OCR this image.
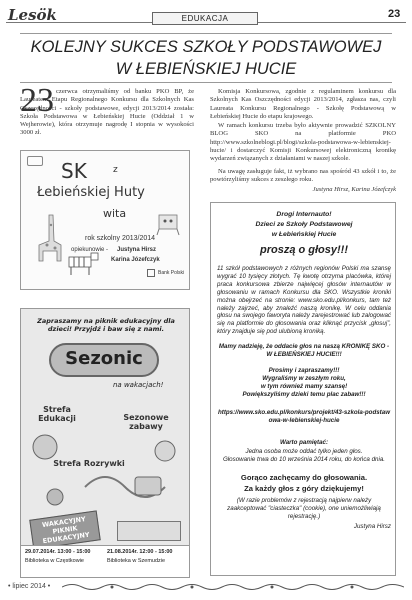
Lesök	EDUKACJA	23
KOLEJNY SUKCES SZKOŁY PODSTAWOWEJ
W ŁEBIEŃSKIEJ HUCIE
23 czerwca otrzymaliśmy od banku PKO BP, że Laureatem Etapu Regionalnego Konkursu dla Szkolnych Kas Oszczędności - szkoły podstawowe, edycji 2013/2014 została: Szkoła Podstawowa w Łebieńskiej Hucie (Oddział 1 w Wejherowie), która otrzymuje nagrodę I stopnia w wysokości 3000 zł.
Komisja Konkursowa, zgodnie z regulaminem konkursu dla Szkolnych Kas Oszczędności edycji 2013/2014, zgłasza nas, czyli Laureata Konkursu Regionalnego - Szkołę Podstawową w Łebieńskiej Hucie do etapu krajowego.
W ramach konkursu trzeba było aktywnie prowadzić SZKOLNY BLOG SKO na platformie PKO http://www.szkolneblogi.pl/blogi/szkola-podstawowa-w-lebienskiej-hucie/ i dostarczyć Komisji Konkursowej elektroniczną kronikę wydarzeń związanych z działaniami w naszej szkole.
Na uwagę zasługuje fakt, iż wybrano nas spośród 43 szkół i to, że powtórzyliśmy sukces z zeszłego roku.
Justyna Hirsz, Karina Józefczyk
SK	z
Łebieńskiej Huty
wita
rok szkolny 2013/2014
opiekunowie - Justyna Hirsz
Karina Józefczyk
Bank Polski
Zapraszamy na piknik edukacyjny dla dzieci! Przyjdź i baw się z nami.
Sezonic
na wakacjach!
Strefa Edukacji	Sezonowe zabawy
Strefa Rozrywki
WAKACYJNY PIKNIK EDUKACYJNY
29.07.2014r. 13:00 - 15:00
Biblioteka w Częstkowie
21.08.2014r. 12:00 - 15:00
Biblioteka w Szemudzie
Drogi Internauto!
Dzieci ze Szkoły Podstawowej
w Łebieńskiej Hucie
proszą o głosy!!!
11 szkół podstawowych z różnych regionów Polski ma szansę wygrać 10 tysięcy złotych. Tę kwotę otrzyma placówka, której praca konkursowa zbierze najwięcej głosów internautów w głosowaniu w ramach Konkursu dla SKO. Wszystkie kroniki można obejrzeć na stronie: www.sko.edu.pl/konkurs, tam też należy zajrzeć, aby znaleźć naszą kronikę. W celu oddania głosu na swojego faworyta należy zarejestrować lub zalogować się na platformie do głosowania oraz kliknąć przycisk „głosuj”, który znajduje się pod ulubioną kroniką.
Mamy nadzieję, że oddacie głos na naszą KRONIKĘ SKO - W ŁEBIEŃSKIEJ HUCIE!!!
Prosimy i zapraszamy!!!
Wygraliśmy w zeszłym roku,
w tym również mamy szansę!
Powiększyliśmy dzieki temu plac zabaw!!!
https://www.sko.edu.pl/konkurs/projekt/43-szkola-podstawowa-w-lebienskiej-hucie
Warto pamiętać:
Jedna osoba może oddać tylko jeden głos.
Głosowanie trwa do 10 września 2014 roku, do końca dnia.
Gorąco zachęcamy do głosowania.
Za każdy głos z góry dziękujemy!
(W razie problemów z rejestracją najpierw należy zaakceptować "ciasteczka" (cookie), one uniemożliwiają rejestrację.)
Justyna Hirsz
• lipiec 2014 •
